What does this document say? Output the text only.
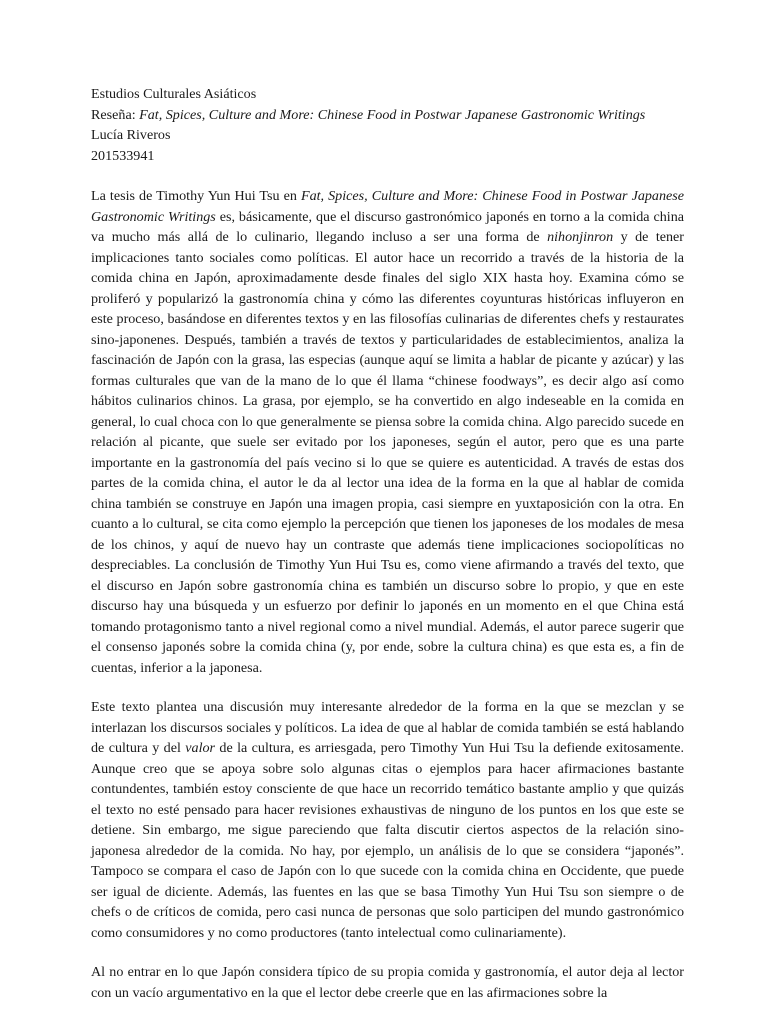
Estudios Culturales Asiáticos
Reseña: Fat, Spices, Culture and More: Chinese Food in Postwar Japanese Gastronomic Writings
Lucía Riveros
201533941

La tesis de Timothy Yun Hui Tsu en Fat, Spices, Culture and More: Chinese Food in Postwar Japanese Gastronomic Writings es, básicamente, que el discurso gastronómico japonés en torno a la comida china va mucho más allá de lo culinario, llegando incluso a ser una forma de nihonjinron y de tener implicaciones tanto sociales como políticas. El autor hace un recorrido a través de la historia de la comida china en Japón, aproximadamente desde finales del siglo XIX hasta hoy. Examina cómo se proliferó y popularizó la gastronomía china y cómo las diferentes coyunturas históricas influyeron en este proceso, basándose en diferentes textos y en las filosofías culinarias de diferentes chefs y restaurates sino-japonenes. Después, también a través de textos y particularidades de establecimientos, analiza la fascinación de Japón con la grasa, las especias (aunque aquí se limita a hablar de picante y azúcar) y las formas culturales que van de la mano de lo que él llama “chinese foodways”, es decir algo así como hábitos culinarios chinos. La grasa, por ejemplo, se ha convertido en algo indeseable en la comida en general, lo cual choca con lo que generalmente se piensa sobre la comida china. Algo parecido sucede en relación al picante, que suele ser evitado por los japoneses, según el autor, pero que es una parte importante en la gastronomía del país vecino si lo que se quiere es autenticidad. A través de estas dos partes de la comida china, el autor le da al lector una idea de la forma en la que al hablar de comida china también se construye en Japón una imagen propia, casi siempre en yuxtaposición con la otra. En cuanto a lo cultural, se cita como ejemplo la percepción que tienen los japoneses de los modales de mesa de los chinos, y aquí de nuevo hay un contraste que además tiene implicaciones sociopolíticas no despreciables. La conclusión de Timothy Yun Hui Tsu es, como viene afirmando a través del texto, que el discurso en Japón sobre gastronomía china es también un discurso sobre lo propio, y que en este discurso hay una búsqueda y un esfuerzo por definir lo japonés en un momento en el que China está tomando protagonismo tanto a nivel regional como a nivel mundial. Además, el autor parece sugerir que el consenso japonés sobre la comida china (y, por ende, sobre la cultura china) es que esta es, a fin de cuentas, inferior a la japonesa.

Este texto plantea una discusión muy interesante alrededor de la forma en la que se mezclan y se interlazan los discursos sociales y políticos. La idea de que al hablar de comida también se está hablando de cultura y del valor de la cultura, es arriesgada, pero Timothy Yun Hui Tsu la defiende exitosamente. Aunque creo que se apoya sobre solo algunas citas o ejemplos para hacer afirmaciones bastante contundentes, también estoy consciente de que hace un recorrido temático bastante amplio y que quizás el texto no esté pensado para hacer revisiones exhaustivas de ninguno de los puntos en los que este se detiene. Sin embargo, me sigue pareciendo que falta discutir ciertos aspectos de la relación sino-japonesa alrededor de la comida. No hay, por ejemplo, un análisis de lo que se considera “japonés”. Tampoco se compara el caso de Japón con lo que sucede con la comida china en Occidente, que puede ser igual de diciente. Además, las fuentes en las que se basa Timothy Yun Hui Tsu son siempre o de chefs o de críticos de comida, pero casi nunca de personas que solo participen del mundo gastronómico como consumidores y no como productores (tanto intelectual como culinariamente).

Al no entrar en lo que Japón considera típico de su propia comida y gastronomía, el autor deja al lector con un vacío argumentativo en la que el lector debe creerle que en las afirmaciones sobre la
